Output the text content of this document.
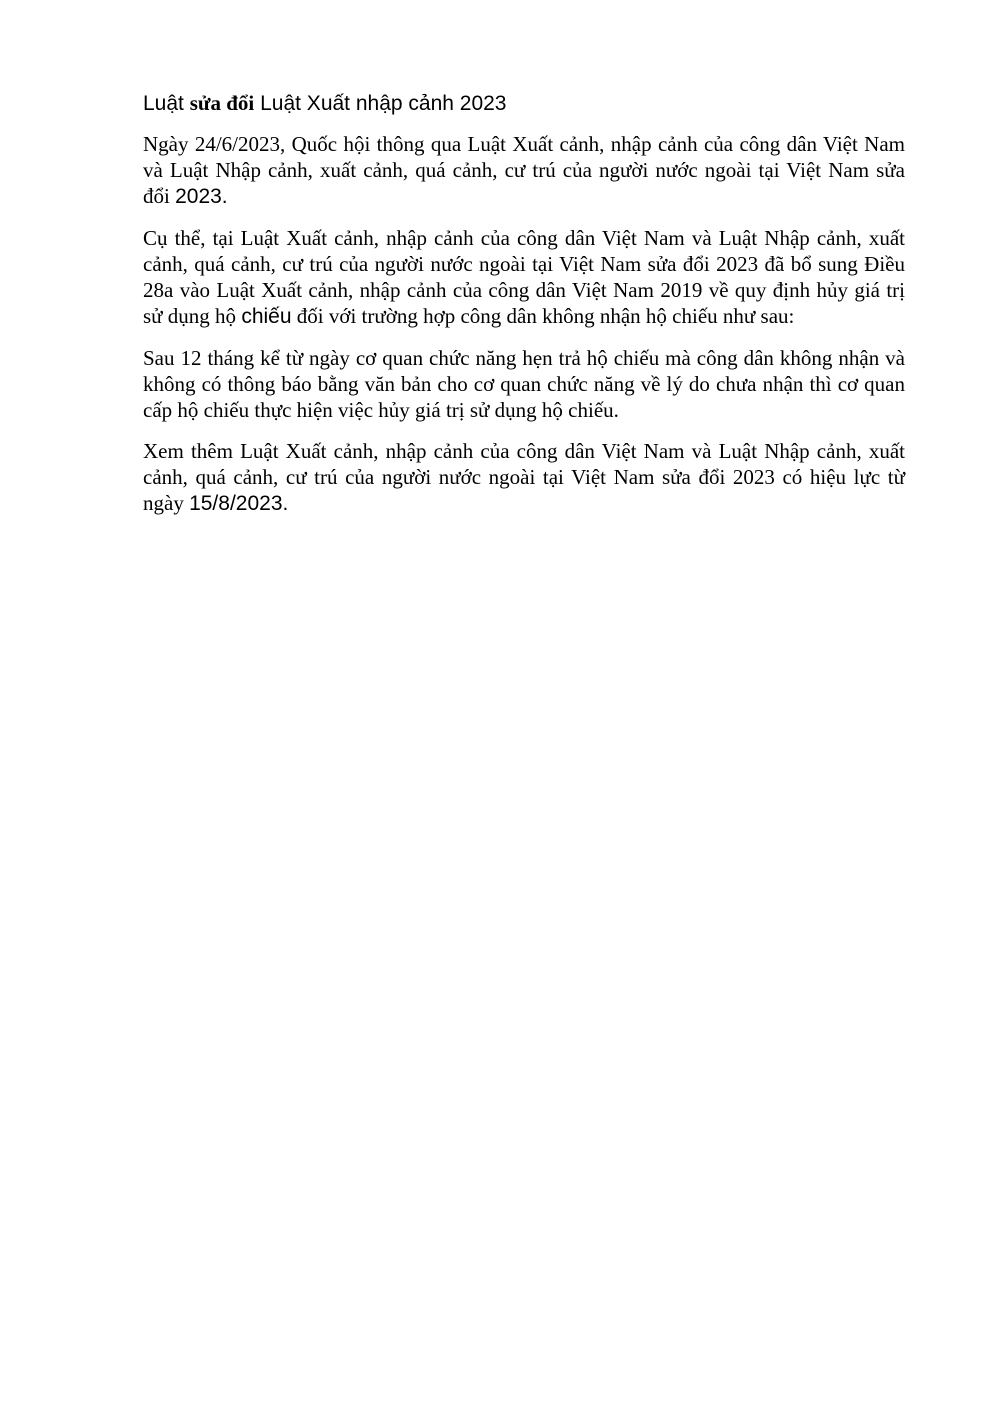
Luật sửa đổi Luật Xuất nhập cảnh 2023

Ngày 24/6/2023, Quốc hội thông qua Luật Xuất cảnh, nhập cảnh của công dân Việt Nam và Luật Nhập cảnh, xuất cảnh, quá cảnh, cư trú của người nước ngoài tại Việt Nam sửa đổi 2023.

Cụ thể, tại Luật Xuất cảnh, nhập cảnh của công dân Việt Nam và Luật Nhập cảnh, xuất cảnh, quá cảnh, cư trú của người nước ngoài tại Việt Nam sửa đổi 2023 đã bổ sung Điều 28a vào Luật Xuất cảnh, nhập cảnh của công dân Việt Nam 2019 về quy định hủy giá trị sử dụng hộ chiếu đối với trường hợp công dân không nhận hộ chiếu như sau:

Sau 12 tháng kể từ ngày cơ quan chức năng hẹn trả hộ chiếu mà công dân không nhận và không có thông báo bằng văn bản cho cơ quan chức năng về lý do chưa nhận thì cơ quan cấp hộ chiếu thực hiện việc hủy giá trị sử dụng hộ chiếu.

Xem thêm Luật Xuất cảnh, nhập cảnh của công dân Việt Nam và Luật Nhập cảnh, xuất cảnh, quá cảnh, cư trú của người nước ngoài tại Việt Nam sửa đổi 2023 có hiệu lực từ ngày 15/8/2023.
